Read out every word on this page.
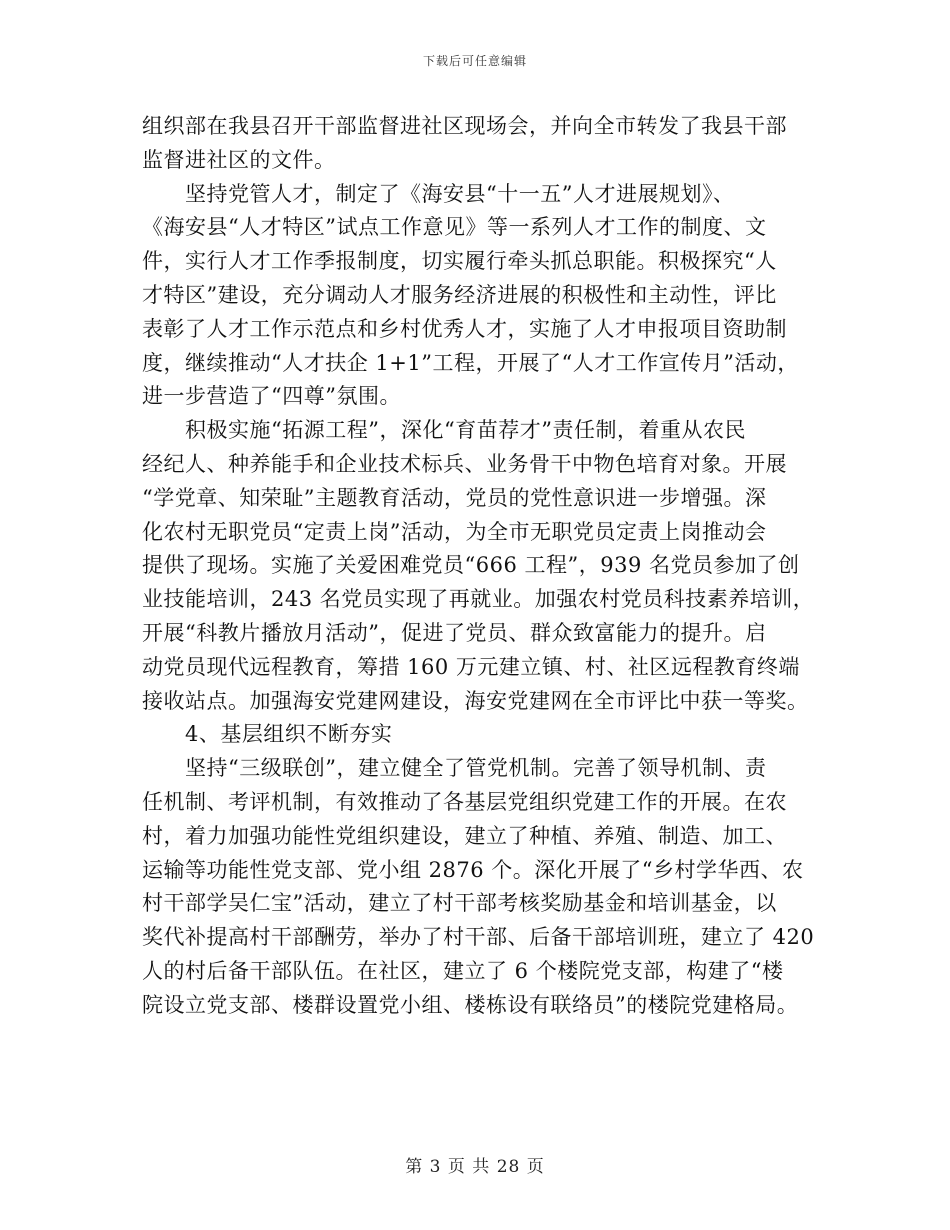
下载后可任意编辑
组织部在我县召开干部监督进社区现场会，并向全市转发了我县干部
监督进社区的文件。
　　坚持党管人才，制定了《海安县“十一五”人才进展规划》、
《海安县“人才特区”试点工作意见》等一系列人才工作的制度、文
件，实行人才工作季报制度，切实履行牵头抓总职能。积极探究“人
才特区”建设，充分调动人才服务经济进展的积极性和主动性，评比
表彰了人才工作示范点和乡村优秀人才，实施了人才申报项目资助制
度，继续推动“人才扶企 1+1”工程，开展了“人才工作宣传月”活动，
进一步营造了“四尊”氛围。
　　积极实施“拓源工程”，深化“育苗荐才”责任制，着重从农民
经纪人、种养能手和企业技术标兵、业务骨干中物色培育对象。开展
“学党章、知荣耻”主题教育活动，党员的党性意识进一步增强。深
化农村无职党员“定责上岗”活动，为全市无职党员定责上岗推动会
提供了现场。实施了关爱困难党员“666 工程”，939 名党员参加了创
业技能培训，243 名党员实现了再就业。加强农村党员科技素养培训，
开展“科教片播放月活动”，促进了党员、群众致富能力的提升。启
动党员现代远程教育，筹措 160 万元建立镇、村、社区远程教育终端
接收站点。加强海安党建网建设，海安党建网在全市评比中获一等奖。
　　4、基层组织不断夯实
　　坚持“三级联创”，建立健全了管党机制。完善了领导机制、责
任机制、考评机制，有效推动了各基层党组织党建工作的开展。在农
村，着力加强功能性党组织建设，建立了种植、养殖、制造、加工、
运输等功能性党支部、党小组 2876 个。深化开展了“乡村学华西、农
村干部学吴仁宝”活动，建立了村干部考核奖励基金和培训基金，以
奖代补提高村干部酬劳，举办了村干部、后备干部培训班，建立了 420
人的村后备干部队伍。在社区，建立了 6 个楼院党支部，构建了“楼
院设立党支部、楼群设置党小组、楼栋设有联络员”的楼院党建格局。
第 3 页 共 28 页
